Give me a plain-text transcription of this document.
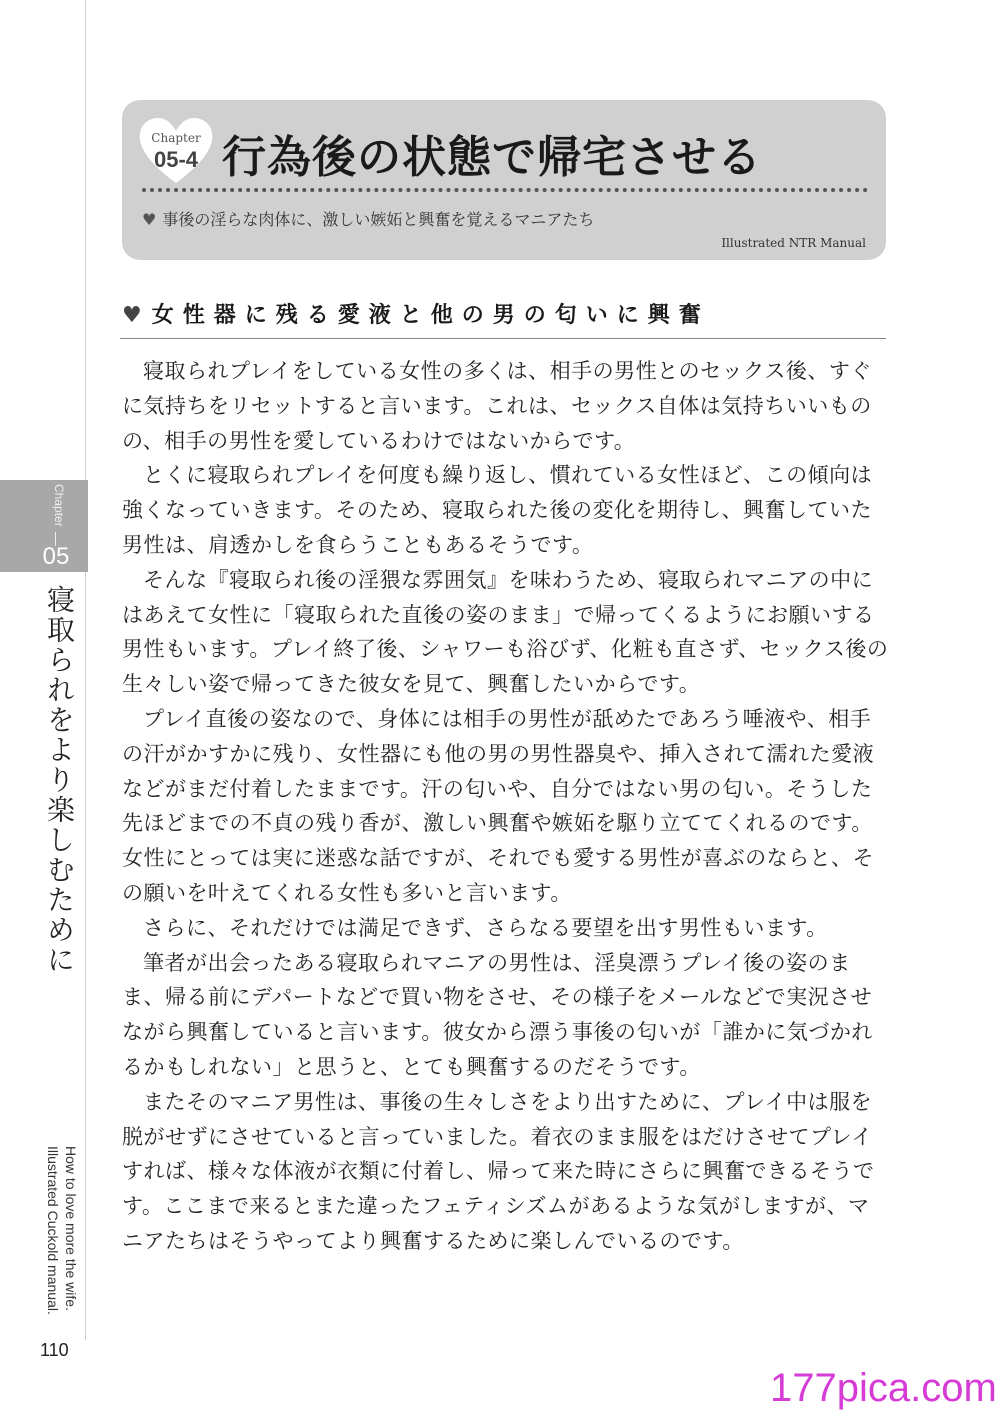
Chapter
05-4 行為後の状態で帰宅させる
♥ 事後の淫らな肉体に、激しい嫉妬と興奮を覚えるマニアたち
Illustrated NTR Manual
♥ 女性器に残る愛液と他の男の匂いに興奮

寝取られプレイをしている女性の多くは、相手の男性とのセックス後、すぐに気持ちをリセットすると言います。これは、セックス自体は気持ちいいものの、相手の男性を愛しているわけではないからです。

とくに寝取られプレイを何度も繰り返し、慣れている女性ほど、この傾向は強くなっていきます。そのため、寝取られた後の変化を期待し、興奮していた男性は、肩透かしを食らうこともあるそうです。

そんな『寝取られ後の淫猥な雰囲気』を味わうため、寝取られマニアの中にはあえて女性に「寝取られた直後の姿のまま」で帰ってくるようにお願いする男性もいます。プレイ終了後、シャワーも浴びず、化粧も直さず、セックス後の生々しい姿で帰ってきた彼女を見て、興奮したいからです。

プレイ直後の姿なので、身体には相手の男性が舐めたであろう唾液や、相手の汗がかすかに残り、女性器にも他の男の男性器臭や、挿入されて濡れた愛液などがまだ付着したままです。汗の匂いや、自分ではない男の匂い。そうした先ほどまでの不貞の残り香が、激しい興奮や嫉妬を駆り立ててくれるのです。女性にとっては実に迷惑な話ですが、それでも愛する男性が喜ぶのならと、その願いを叶えてくれる女性も多いと言います。

さらに、それだけでは満足できず、さらなる要望を出す男性もいます。

筆者が出会ったある寝取られマニアの男性は、淫臭漂うプレイ後の姿のまま、帰る前にデパートなどで買い物をさせ、その様子をメールなどで実況させながら興奮していると言います。彼女から漂う事後の匂いが「誰かに気づかれるかもしれない」と思うと、とても興奮するのだそうです。

またそのマニア男性は、事後の生々しさをより出すために、プレイ中は服を脱がせずにさせていると言っていました。着衣のまま服をはだけさせてプレイすれば、様々な体液が衣類に付着し、帰って来た時にさらに興奮できるそうです。ここまで来るとまた違ったフェティシズムがあるような気がしますが、マニアたちはそうやってより興奮するために楽しんでいるのです。

Chapter
05
寝取られをより楽しむために
How to love more the wife.
Illustrated Cuckold manual.
110
177pica.com
